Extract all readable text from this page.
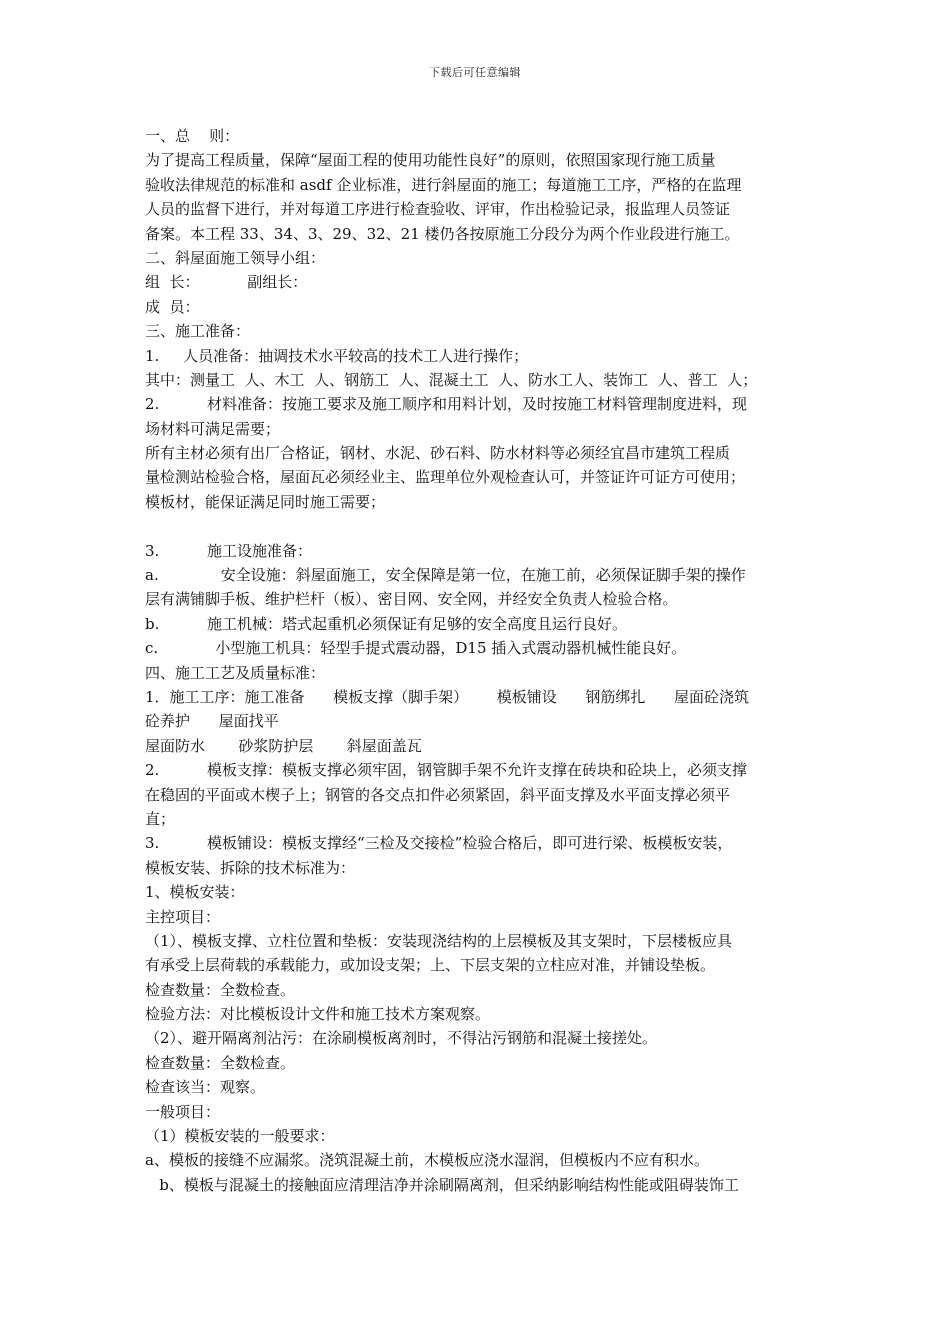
下载后可任意编辑
一、总    则：
为了提高工程质量，保障“屋面工程的使用功能性良好”的原则，依照国家现行施工质量
验收法律规范的标准和 asdf 企业标准，进行斜屋面的施工；每道施工工序，严格的在监理
人员的监督下进行，并对每道工序进行检查验收、评审，作出检验记录，报监理人员签证
备案。本工程 33、34、3、29、32、21 楼仍各按原施工分段分为两个作业段进行施工。
二、斜屋面施工领导小组：
组  长：          副组长：
成  员：
三、施工准备：
1.     人员准备：抽调技术水平较高的技术工人进行操作；
其中：测量工  人、木工  人、钢筋工  人、混凝土工  人、防水工人、装饰工  人、普工  人；
2.          材料准备：按施工要求及施工顺序和用料计划，及时按施工材料管理制度进料，现
场材料可满足需要；
所有主材必须有出厂合格证，钢材、水泥、砂石料、防水材料等必须经宜昌市建筑工程质
量检测站检验合格，屋面瓦必须经业主、监理单位外观检查认可，并签证许可证方可使用；
模板材，能保证满足同时施工需要；
3.          施工设施准备：
a.             安全设施：斜屋面施工，安全保障是第一位，在施工前，必须保证脚手架的操作
层有满铺脚手板、维护栏杆（板）、密目网、安全网，并经安全负责人检验合格。
b.          施工机械：塔式起重机必须保证有足够的安全高度且运行良好。
c.            小型施工机具：轻型手提式震动器，D15 插入式震动器机械性能良好。
四、施工工艺及质量标准：
1．施工工序：施工准备      模板支撑（脚手架）      模板铺设      钢筋绑扎      屋面砼浇筑
砼养护      屋面找平
屋面防水       砂浆防护层       斜屋面盖瓦
2.          模板支撑：模板支撑必须牢固，钢管脚手架不允许支撑在砖块和砼块上，必须支撑
在稳固的平面或木楔子上；钢管的各交点扣件必须紧固，斜平面支撑及水平面支撑必须平
直；
3.          模板铺设：模板支撑经“三检及交接检”检验合格后，即可进行梁、板模板安装，
模板安装、拆除的技术标准为：
1、模板安装：
主控项目：
（1）、模板支撑、立柱位置和垫板：安装现浇结构的上层模板及其支架时，下层楼板应具
有承受上层荷载的承载能力，或加设支架；上、下层支架的立柱应对准，并铺设垫板。
检查数量：全数检查。
检验方法：对比模板设计文件和施工技术方案观察。
（2）、避开隔离剂沾污：在涂刷模板离剂时，不得沾污钢筋和混凝土接搓处。
检查数量：全数检查。
检查该当：观察。
一般项目：
（1）模板安装的一般要求：
a、模板的接缝不应漏浆。浇筑混凝土前，木模板应浇水湿润，但模板内不应有积水。
b、模板与混凝土的接触面应清理洁净并涂刷隔离剂，但采纳影响结构性能或阻碍装饰工
